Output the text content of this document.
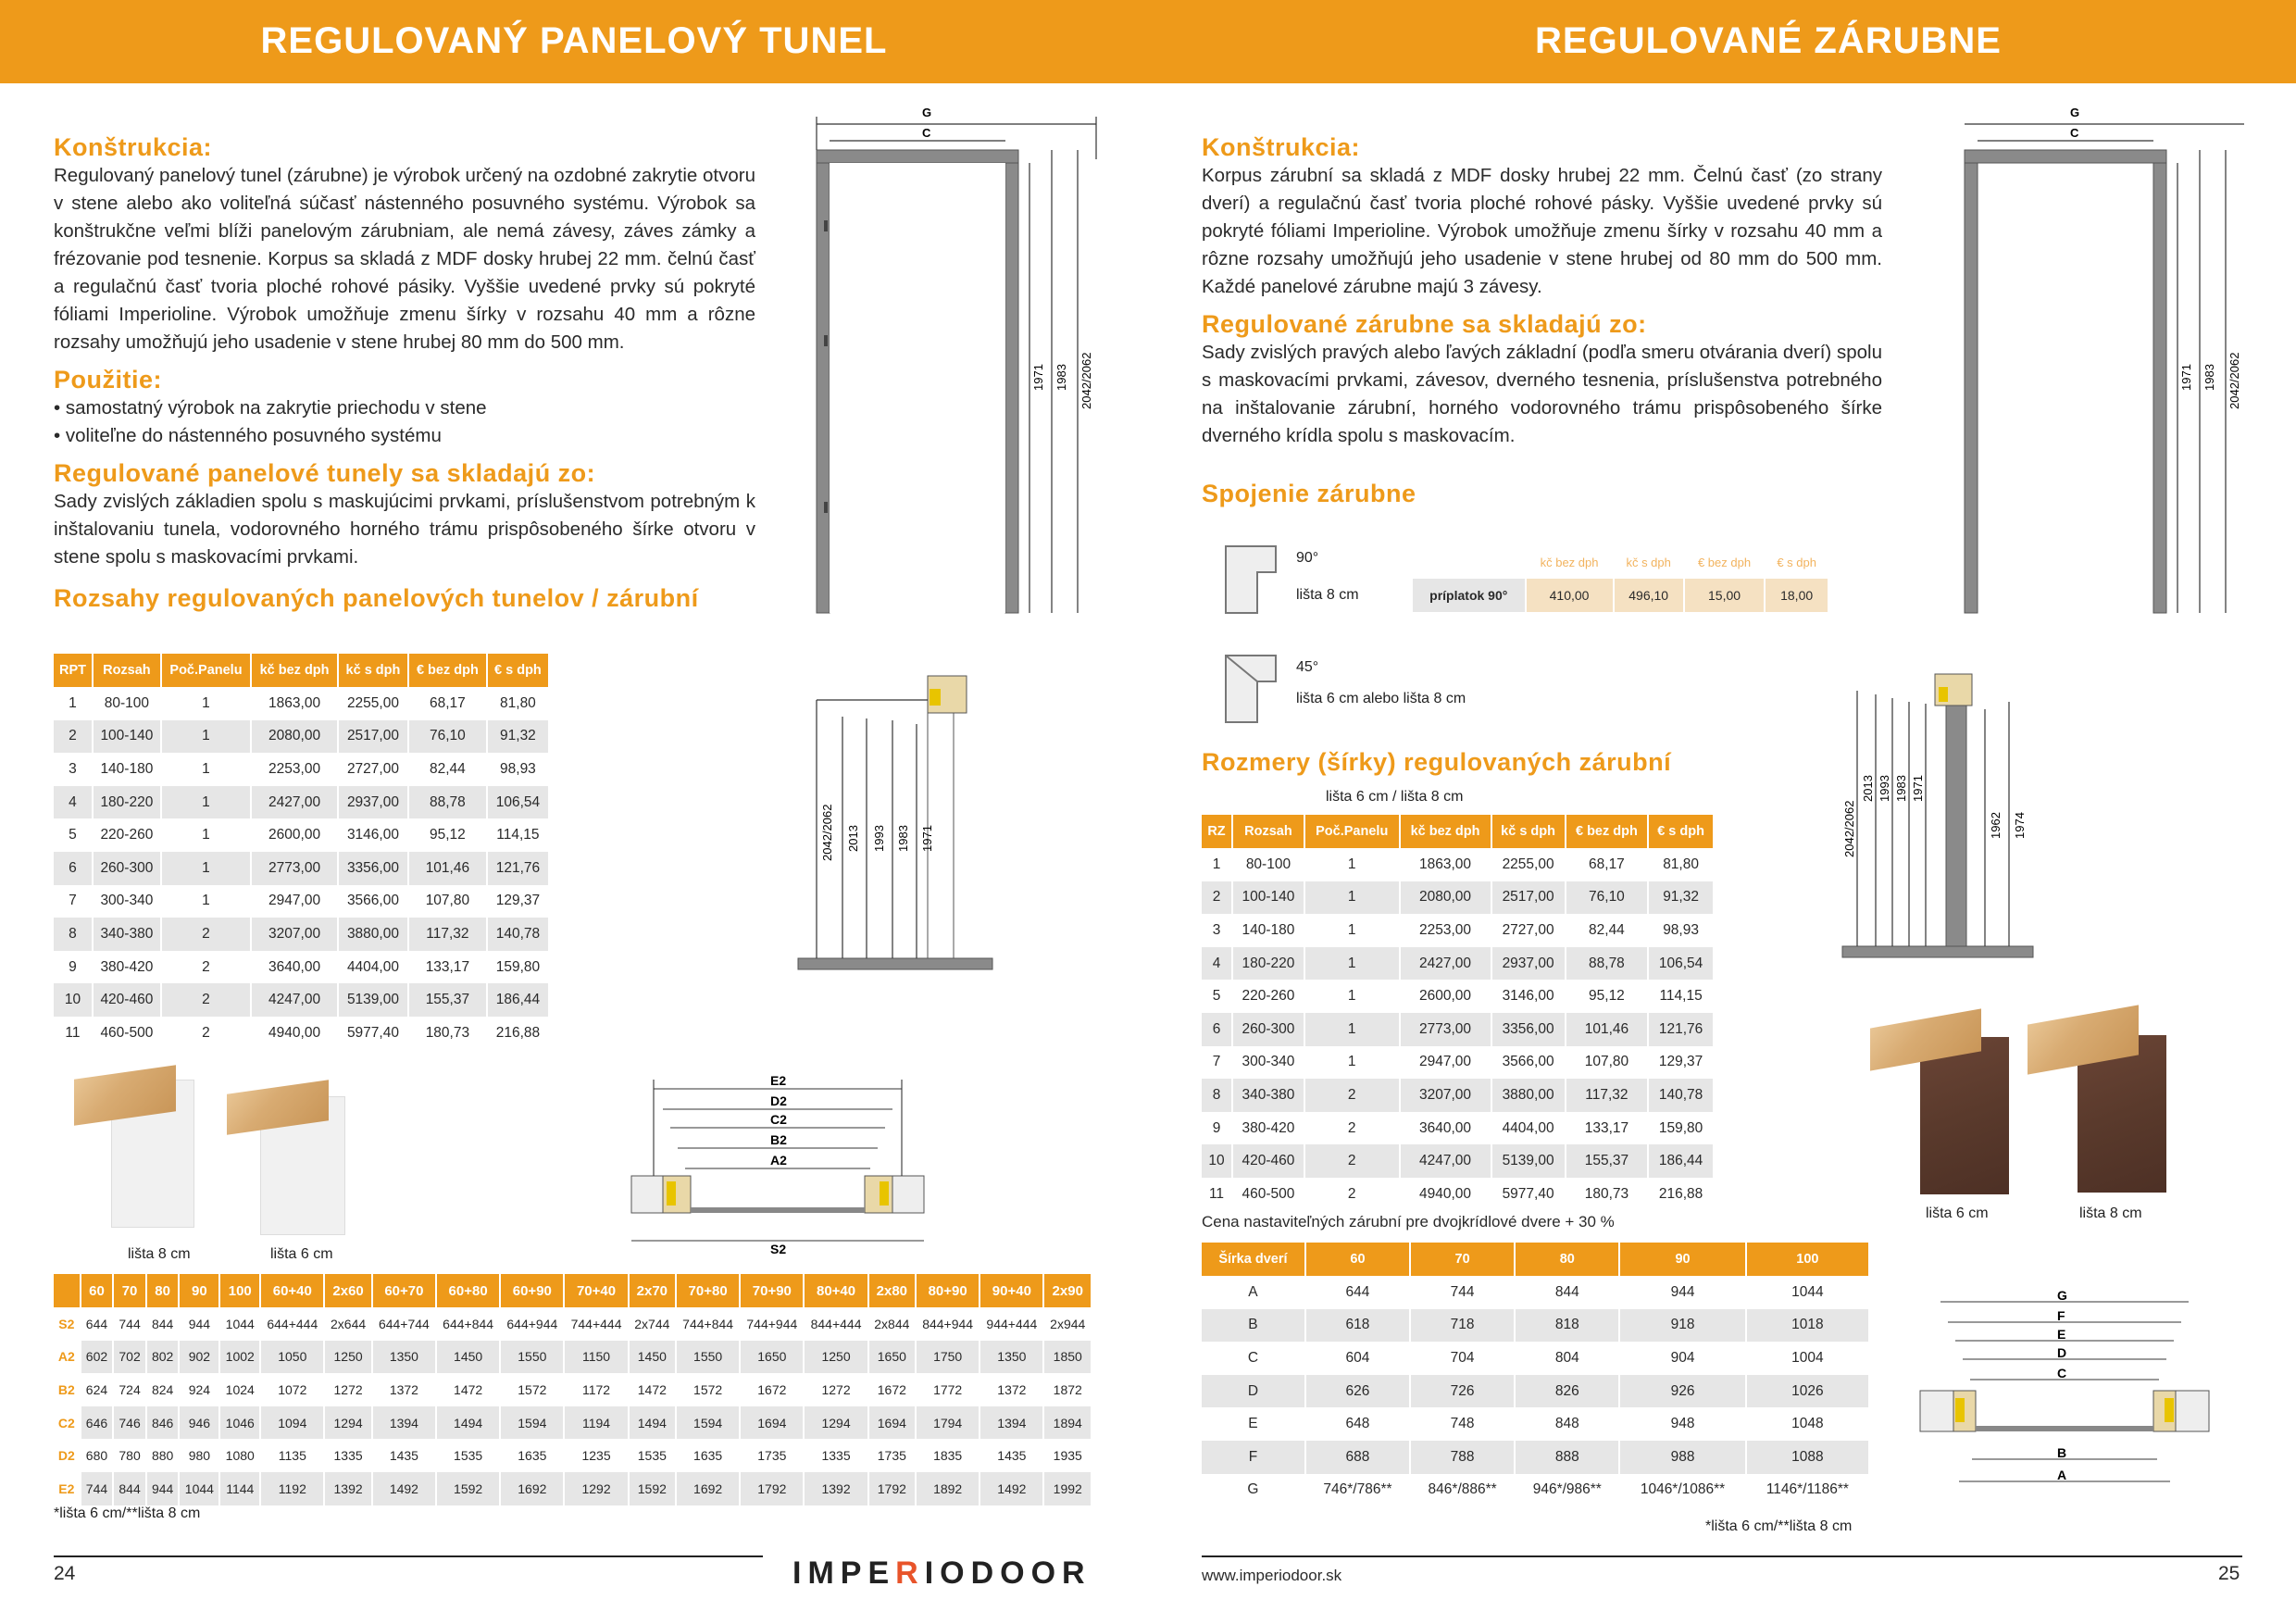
REGULOVANÝ PANELOVÝ TUNEL	REGULOVANÉ ZÁRUBNE
Konštrukcia:
Regulovaný panelový tunel (zárubne) je výrobok určený na ozdobné zakrytie otvoru v stene alebo ako voliteľná súčasť nástenného posuvného systému. Výrobok sa konštrukčne veľmi blíži panelovým zárubniam, ale nemá závesy, záves zámky a frézovanie pod tesnenie. Korpus sa skladá z MDF dosky hrubej 22 mm. čelnú časť a regulačnú časť tvoria ploché rohové pásiky. Vyššie uvedené prvky sú pokryté fóliami Imperioline. Výrobok umožňuje zmenu šírky v rozsahu 40 mm a rôzne rozsahy umožňujú jeho usadenie v stene hrubej 80 mm do 500 mm.
Použitie:
• samostatný výrobok na zakrytie priechodu v stene
• voliteľne do nástenného posuvného systému
Regulované panelové tunely sa skladajú zo:
Sady zvislých základien spolu s maskujúcimi prvkami, príslušenstvom potrebným k inštalovaniu tunela, vodorovného horného trámu prispôsobeného šírke otvoru v stene spolu s maskovacími prvkami.
Rozsahy regulovaných panelových tunelov / zárubní
RPT	Rozsah	Poč.Panelu	kč bez dph	kč s dph	€ bez dph	€ s dph
1	80-100	1	1863,00	2255,00	68,17	81,80
2	100-140	1	2080,00	2517,00	76,10	91,32
3	140-180	1	2253,00	2727,00	82,44	98,93
4	180-220	1	2427,00	2937,00	88,78	106,54
5	220-260	1	2600,00	3146,00	95,12	114,15
6	260-300	1	2773,00	3356,00	101,46	121,76
7	300-340	1	2947,00	3566,00	107,80	129,37
8	340-380	2	3207,00	3880,00	117,32	140,78
9	380-420	2	3640,00	4404,00	133,17	159,80
10	420-460	2	4247,00	5139,00	155,37	186,44
11	460-500	2	4940,00	5977,40	180,73	216,88
G
C
1971 1983 2042/2062
2042/2062 2013 1993 1983 1971
E2
D2
C2
B2
A2
S2
lišta 8 cm	lišta 6 cm
	60	70	80	90	100	60+40	2x60	60+70	60+80	60+90	70+40	2x70	70+80	70+90	80+40	2x80	80+90	90+40	2x90
S2	644	744	844	944	1044	644+444	2x644	644+744	644+844	644+944	744+444	2x744	744+844	744+944	844+444	2x844	844+944	944+444	2x944
A2	602	702	802	902	1002	1050	1250	1350	1450	1550	1150	1450	1550	1650	1250	1650	1750	1350	1850
B2	624	724	824	924	1024	1072	1272	1372	1472	1572	1172	1472	1572	1672	1272	1672	1772	1372	1872
C2	646	746	846	946	1046	1094	1294	1394	1494	1594	1194	1494	1594	1694	1294	1694	1794	1394	1894
D2	680	780	880	980	1080	1135	1335	1435	1535	1635	1235	1535	1635	1735	1335	1735	1835	1435	1935
E2	744	844	944	1044	1144	1192	1392	1492	1592	1692	1292	1592	1692	1792	1392	1792	1892	1492	1992
*lišta 6 cm/**lišta 8 cm
24	IMPERIODOOR
Konštrukcia:
Korpus zárubní sa skladá z MDF dosky hrubej 22 mm. Čelnú časť (zo strany dverí) a regulačnú časť tvoria ploché rohové pásky. Vyššie uvedené prvky sú pokryté fóliami Imperioline. Výrobok umožňuje zmenu šírky v rozsahu 40 mm a rôzne rozsahy umožňujú jeho usadenie v stene hrubej od 80 mm do 500 mm. Každé panelové zárubne majú 3 závesy.
Regulované zárubne sa skladajú zo:
Sady zvislých pravých alebo ľavých základní (podľa smeru otvárania dverí) spolu s maskovacími prvkami, závesov, dverného tesnenia, príslušenstva potrebného na inštalovanie zárubní, horného vodorovného trámu prispôsobeného šírke dverného krídla spolu s maskovacím.
Spojenie zárubne
90°
lišta 8 cm
45°
lišta 6 cm alebo lišta 8 cm
	kč bez dph	kč s dph	€ bez dph	€ s dph
príplatok 90°	410,00	496,10	15,00	18,00
Rozmery (šírky) regulovaných zárubní
lišta 6 cm / lišta 8 cm
RZ	Rozsah	Poč.Panelu	kč bez dph	kč s dph	€ bez dph	€ s dph
1	80-100	1	1863,00	2255,00	68,17	81,80
2	100-140	1	2080,00	2517,00	76,10	91,32
3	140-180	1	2253,00	2727,00	82,44	98,93
4	180-220	1	2427,00	2937,00	88,78	106,54
5	220-260	1	2600,00	3146,00	95,12	114,15
6	260-300	1	2773,00	3356,00	101,46	121,76
7	300-340	1	2947,00	3566,00	107,80	129,37
8	340-380	2	3207,00	3880,00	117,32	140,78
9	380-420	2	3640,00	4404,00	133,17	159,80
10	420-460	2	4247,00	5139,00	155,37	186,44
11	460-500	2	4940,00	5977,40	180,73	216,88
Cena nastaviteľných zárubní pre dvojkrídlové dvere + 30 %
Šírka dverí	60	70	80	90	100
A	644	744	844	944	1044
B	618	718	818	918	1018
C	604	704	804	904	1004
D	626	726	826	926	1026
E	648	748	848	948	1048
F	688	788	888	988	1088
G	746*/786**	846*/886**	946*/986**	1046*/1086**	1146*/1186**
*lišta 6 cm/**lišta 8 cm
G
C
1971 1983 2042/2062
2042/2062
2013 1993 1983 1971
1962 1974
lišta 6 cm	lišta 8 cm
G
F
E
D
C
B
A
www.imperiodoor.sk	25
